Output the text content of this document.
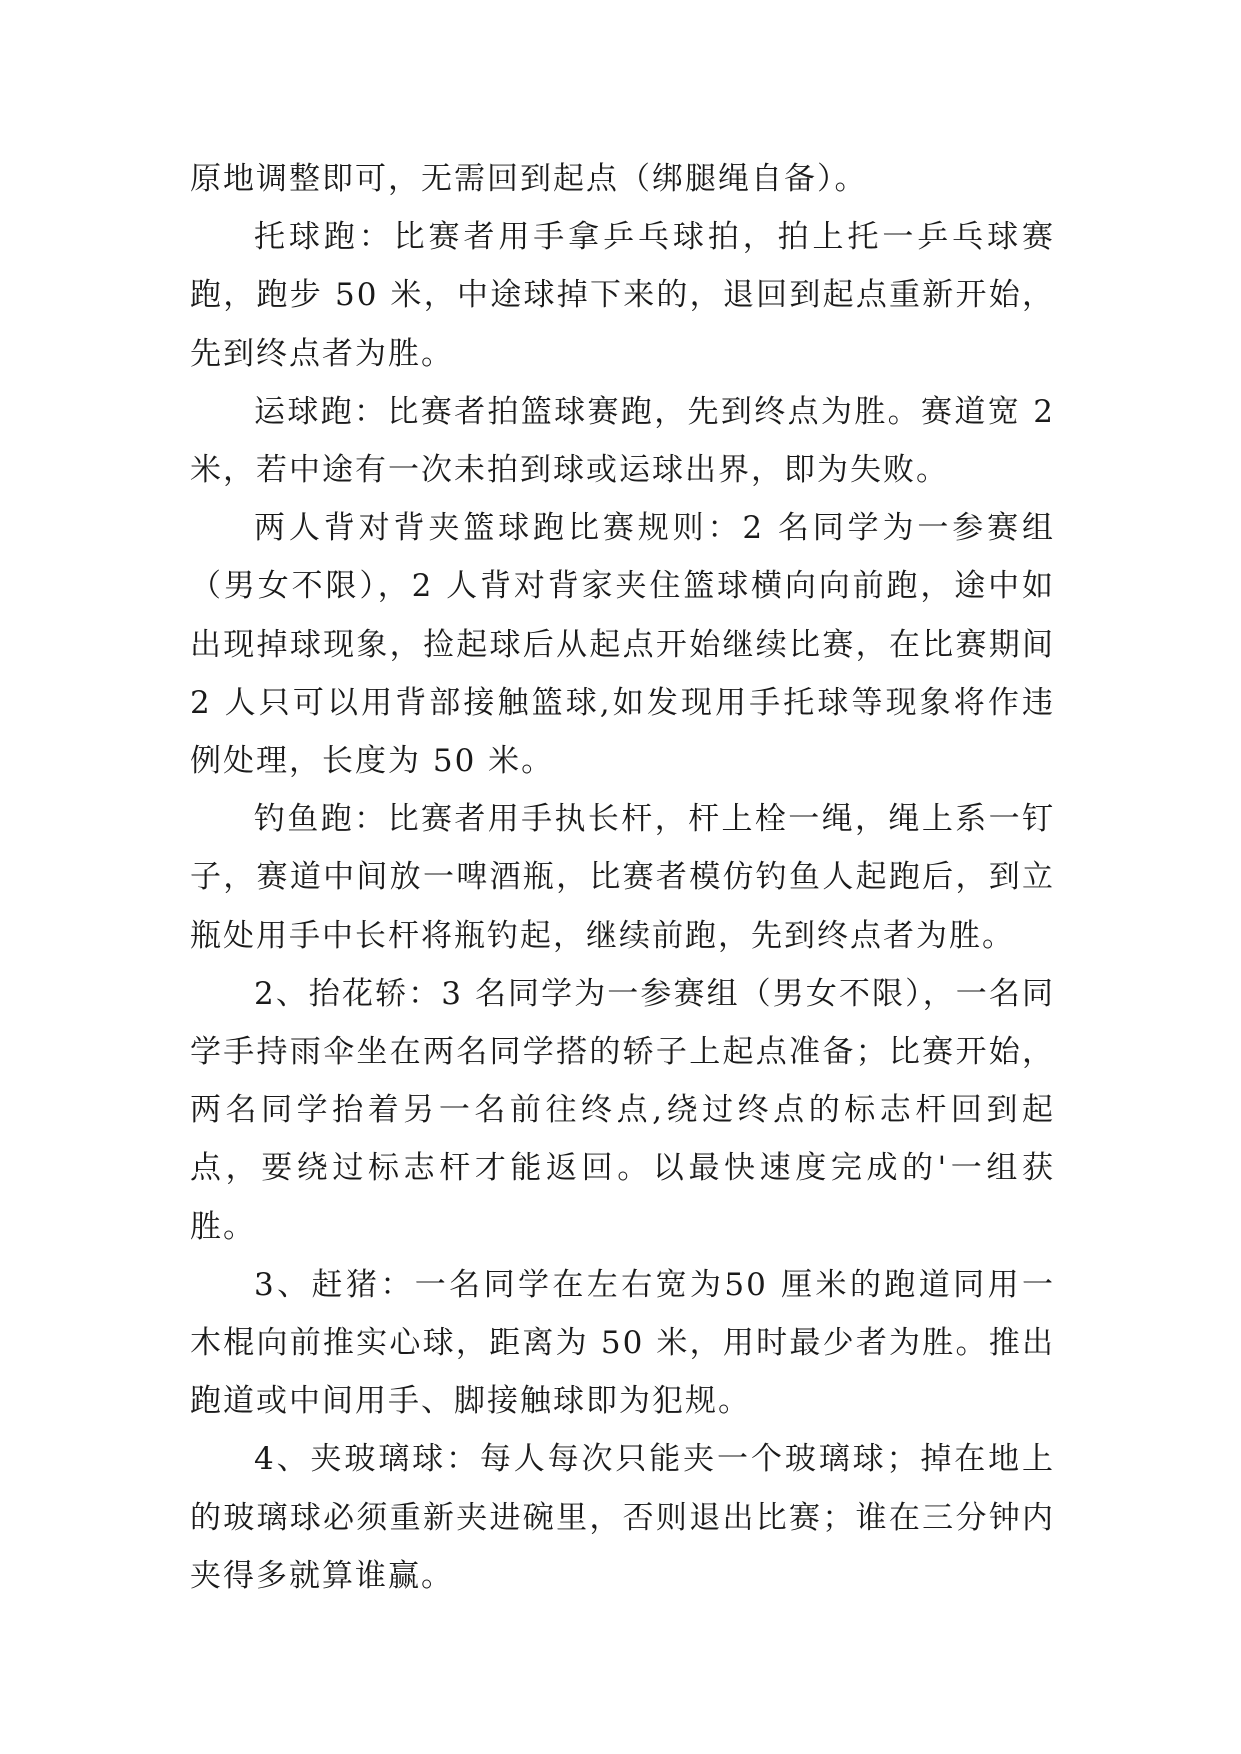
原地调整即可，无需回到起点（绑腿绳自备）。

托球跑：比赛者用手拿乒乓球拍，拍上托一乒乓球赛跑，跑步 50 米，中途球掉下来的，退回到起点重新开始，先到终点者为胜。

运球跑：比赛者拍篮球赛跑，先到终点为胜。赛道宽 2 米，若中途有一次未拍到球或运球出界，即为失败。

两人背对背夹篮球跑比赛规则：2 名同学为一参赛组（男女不限），2 人背对背家夹住篮球横向向前跑，途中如出现掉球现象，捡起球后从起点开始继续比赛，在比赛期间 2 人只可以用背部接触篮球,如发现用手托球等现象将作违例处理，长度为 50 米。

钓鱼跑：比赛者用手执长杆，杆上栓一绳，绳上系一钉子，赛道中间放一啤酒瓶，比赛者模仿钓鱼人起跑后，到立瓶处用手中长杆将瓶钓起，继续前跑，先到终点者为胜。

2、抬花轿：3 名同学为一参赛组（男女不限），一名同学手持雨伞坐在两名同学搭的轿子上起点准备；比赛开始，两名同学抬着另一名前往终点,绕过终点的标志杆回到起点，要绕过标志杆才能返回。以最快速度完成的'一组获胜。

3、赶猪：一名同学在左右宽为50 厘米的跑道同用一木棍向前推实心球，距离为 50 米，用时最少者为胜。推出跑道或中间用手、脚接触球即为犯规。

4、夹玻璃球：每人每次只能夹一个玻璃球；掉在地上的玻璃球必须重新夹进碗里，否则退出比赛；谁在三分钟内夹得多就算谁赢。
